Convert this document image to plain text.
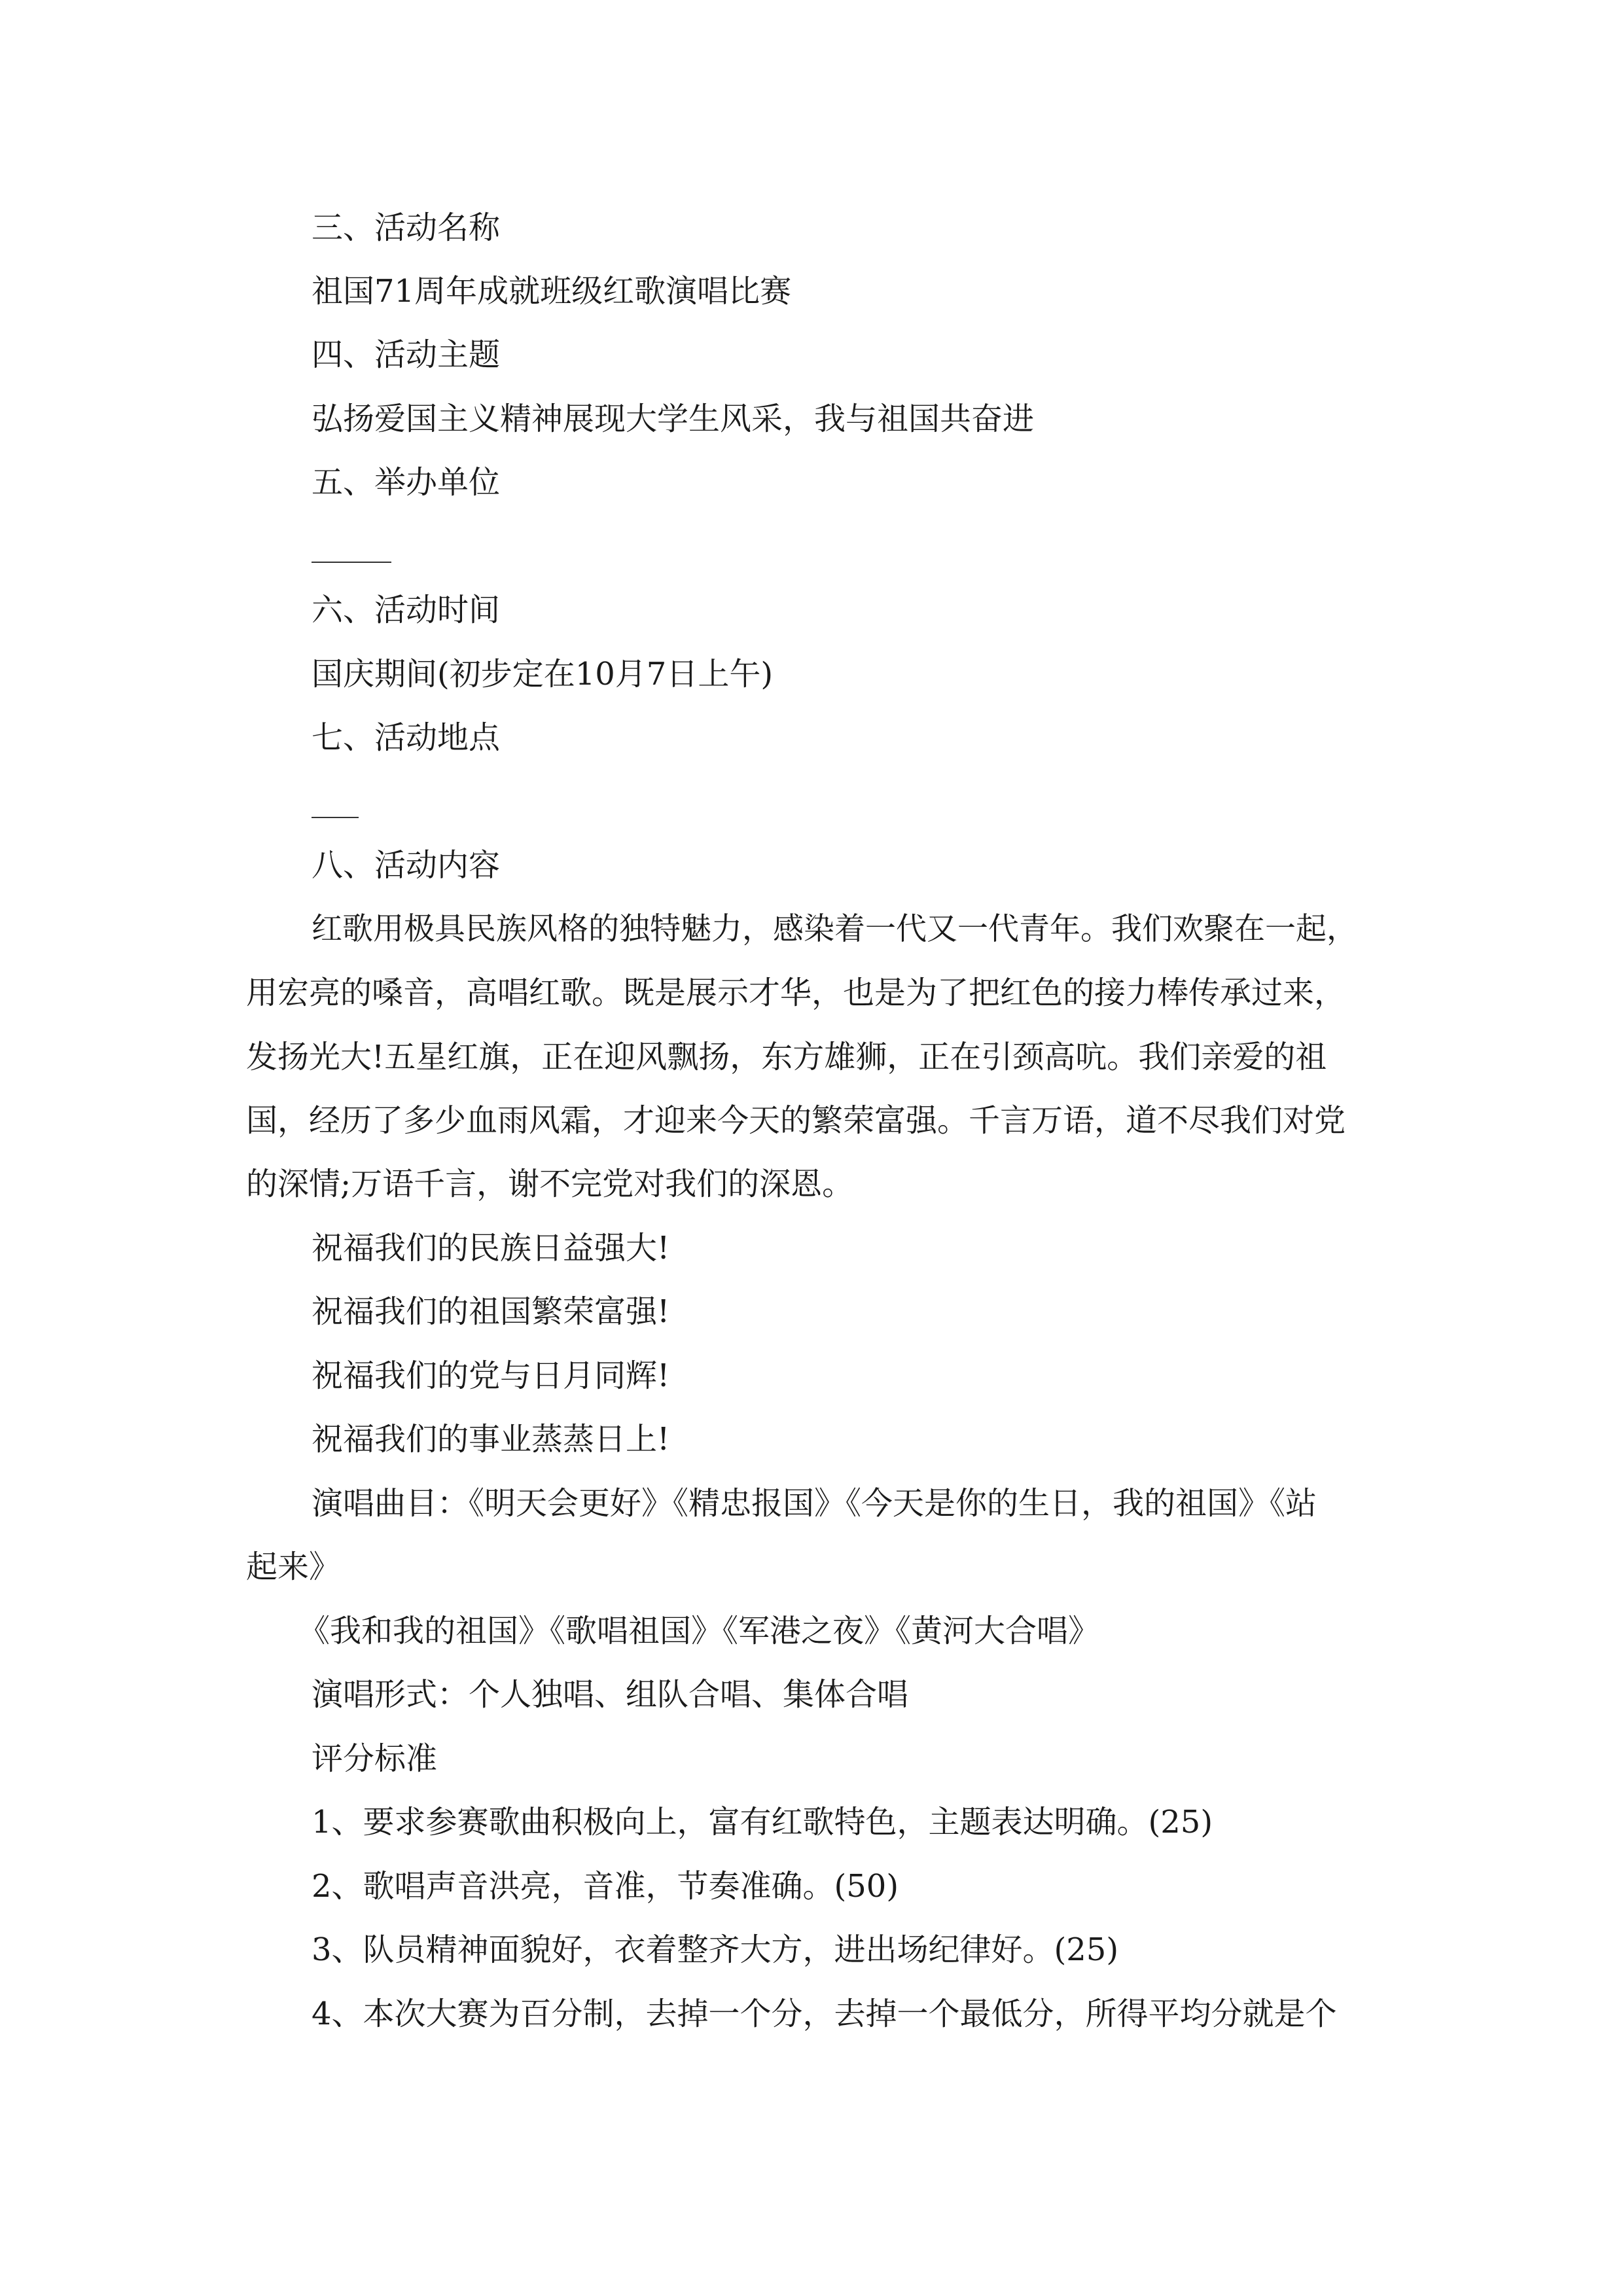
三、活动名称
祖国71周年成就班级红歌演唱比赛
四、活动主题
弘扬爱国主义精神展现大学生风采，我与祖国共奋进
五、举办单位
六、活动时间
国庆期间(初步定在10月7日上午)
七、活动地点
八、活动内容
红歌用极具民族风格的独特魅力，感染着一代又一代青年。我们欢聚在一起，
用宏亮的嗓音，高唱红歌。既是展示才华，也是为了把红色的接力棒传承过来，
发扬光大!五星红旗，正在迎风飘扬，东方雄狮，正在引颈高吭。我们亲爱的祖
国，经历了多少血雨风霜，才迎来今天的繁荣富强。千言万语，道不尽我们对党
的深情;万语千言，谢不完党对我们的深恩。
祝福我们的民族日益强大!
祝福我们的祖国繁荣富强!
祝福我们的党与日月同辉!
祝福我们的事业蒸蒸日上!
演唱曲目：《明天会更好》《精忠报国》《今天是你的生日，我的祖国》《站
起来》
《我和我的祖国》《歌唱祖国》《军港之夜》《黄河大合唱》
演唱形式：个人独唱、组队合唱、集体合唱
评分标准
1、要求参赛歌曲积极向上，富有红歌特色，主题表达明确。(25)
2、歌唱声音洪亮，音准，节奏准确。(50)
3、队员精神面貌好，衣着整齐大方，进出场纪律好。(25)
4、本次大赛为百分制，去掉一个分，去掉一个最低分，所得平均分就是个
